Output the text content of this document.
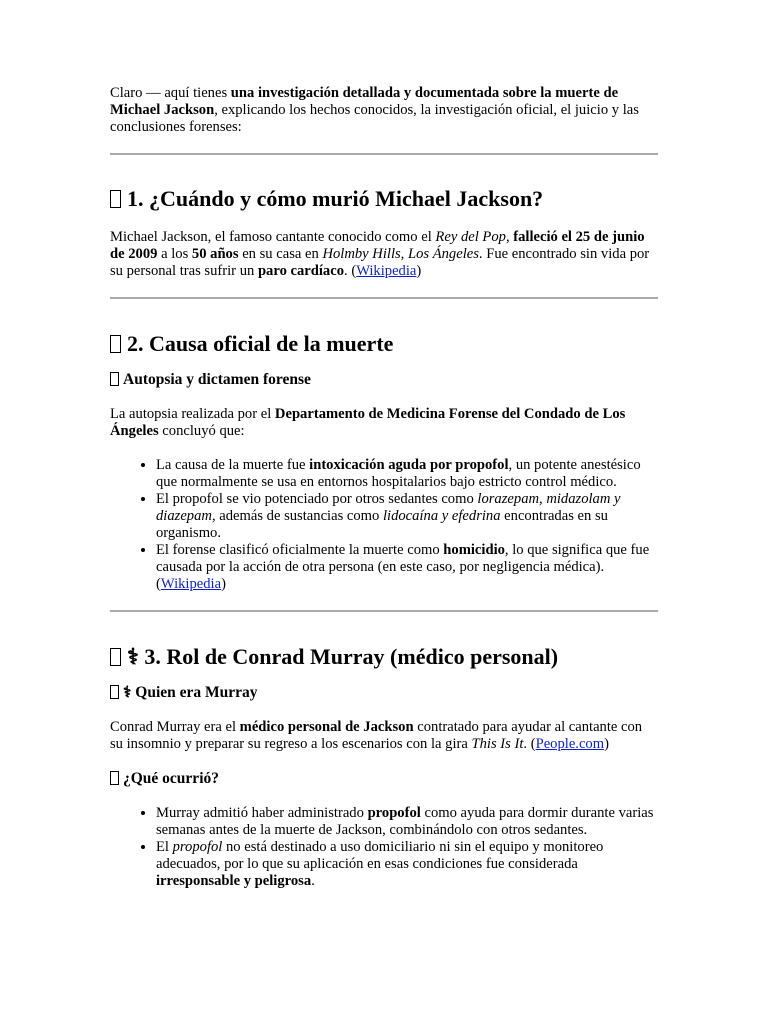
Claro — aquí tienes una investigación detallada y documentada sobre la muerte de Michael Jackson, explicando los hechos conocidos, la investigación oficial, el juicio y las conclusiones forenses:

1. ¿Cuándo y cómo murió Michael Jackson?

Michael Jackson, el famoso cantante conocido como el Rey del Pop, falleció el 25 de junio de 2009 a los 50 años en su casa en Holmby Hills, Los Ángeles. Fue encontrado sin vida por su personal tras sufrir un paro cardíaco. (Wikipedia)

2. Causa oficial de la muerte
Autopsia y dictamen forense

La autopsia realizada por el Departamento de Medicina Forense del Condado de Los Ángeles concluyó que:

• La causa de la muerte fue intoxicación aguda por propofol, un potente anestésico que normalmente se usa en entornos hospitalarios bajo estricto control médico.
• El propofol se vio potenciado por otros sedantes como lorazepam, midazolam y diazepam, además de sustancias como lidocaína y efedrina encontradas en su organismo.
• El forense clasificó oficialmente la muerte como homicidio, lo que significa que fue causada por la acción de otra persona (en este caso, por negligencia médica). (Wikipedia)
⚕ 3. Rol de Conrad Murray (médico personal)
⚕ Quien era Murray

Conrad Murray era el médico personal de Jackson contratado para ayudar al cantante con su insomnio y preparar su regreso a los escenarios con la gira This Is It. (People.com)

¿Qué ocurrió?
• Murray admitió haber administrado propofol como ayuda para dormir durante varias semanas antes de la muerte de Jackson, combinándolo con otros sedantes.
• El propofol no está destinado a uso domiciliario ni sin el equipo y monitoreo adecuados, por lo que su aplicación en esas condiciones fue considerada irresponsable y peligrosa.
